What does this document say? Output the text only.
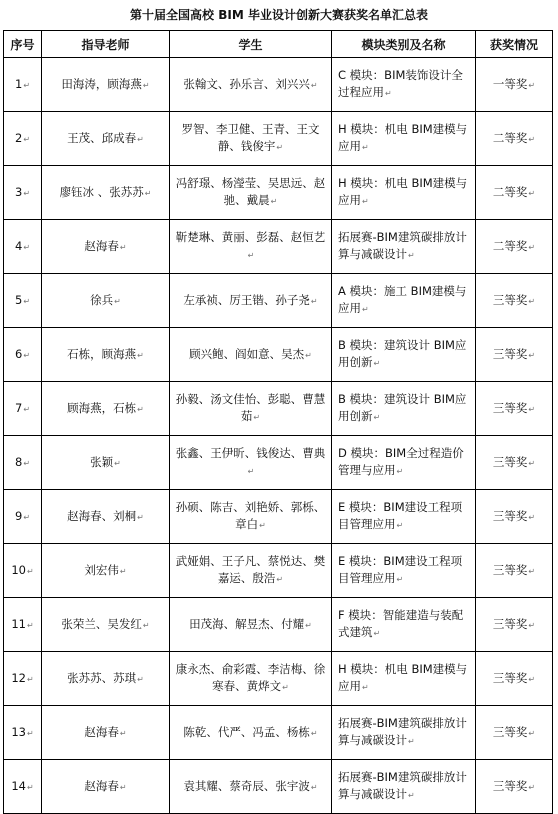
第十届全国高校 BIM 毕业设计创新大赛获奖名单汇总表
序号	指导老师	学生	模块类别及名称	获奖情况
1↵	田海涛，顾海燕↵	张翰文、孙乐言、刘兴兴↵	C 模块：BIM装饰设计全过程应用↵	一等奖↵
2↵	王茂、邱成春↵	罗智、李卫健、王青、王文静、钱俊宇↵	H 模块：机电 BIM建模与应用↵	二等奖↵
3↵	廖钰冰 、张苏苏↵	冯舒璟、杨瀅莹、吴思远、赵驰、戴晨↵	H 模块：机电 BIM建模与应用↵	二等奖↵
4↵	赵海春↵	靳楚琳、黄丽、彭磊、赵恒艺↵	拓展赛-BIM建筑碳排放计算与减碳设计↵	二等奖↵
5↵	徐兵↵	左承祯、厉王锴、孙子尧↵	A 模块：施工 BIM建模与应用↵	三等奖↵
6↵	石栋，顾海燕↵	顾兴鲍、阎如意、吴杰↵	B 模块：建筑设计 BIM应用创新↵	三等奖↵
7↵	顾海燕，石栋↵	孙毅、汤文佳怡、彭聪、曹慧茹↵	B 模块：建筑设计 BIM应用创新↵	三等奖↵
8↵	张颖↵	张鑫、王伊昕、钱俊达、曹典↵	D 模块：BIM全过程造价管理与应用↵	三等奖↵
9↵	赵海春、刘桐↵	孙硕、陈吉、刘艳娇、郭栎、章白↵	E 模块：BIM建设工程项目管理应用↵	三等奖↵
10↵	刘宏伟↵	武娅娟、王子凡、蔡悦达、樊嘉运、殷浩↵	E 模块：BIM建设工程项目管理应用↵	三等奖↵
11↵	张荣兰、吴发红↵	田茂海、解昱杰、付耀↵	F 模块：智能建造与装配式建筑↵	三等奖↵
12↵	张苏苏、苏琪↵	康永杰、俞彩霞、李洁梅、徐寒春、黄烨文↵	H 模块：机电 BIM建模与应用↵	三等奖↵
13↵	赵海春↵	陈乾、代严、冯孟、杨栋↵	拓展赛-BIM建筑碳排放计算与减碳设计↵	三等奖↵
14↵	赵海春↵	袁其耀、蔡奇辰、张宇波↵	拓展赛-BIM建筑碳排放计算与减碳设计↵	三等奖↵
